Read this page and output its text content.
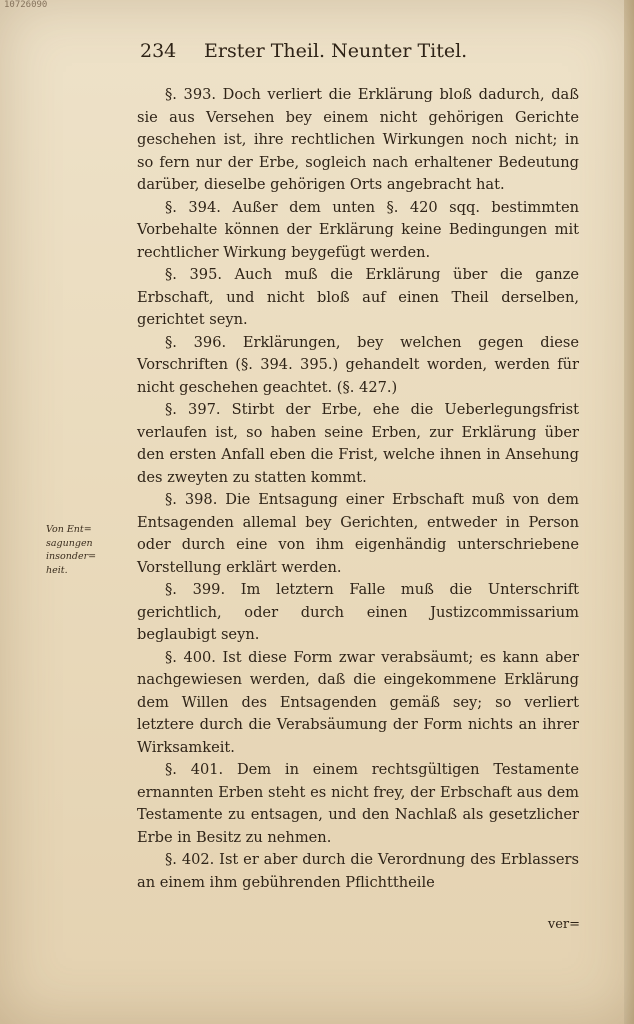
10726090
234 Erster Theil. Neunter Titel.
Von Ent=
sagungen
insonder=
heit.

§. 393. Doch verliert die Erklärung bloß dadurch, daß sie aus Versehen bey einem nicht gehörigen Gerichte geschehen ist, ihre rechtlichen Wirkungen noch nicht; in so fern nur der Erbe, sogleich nach erhaltener Bedeutung darüber, dieselbe gehörigen Orts angebracht hat.

§. 394. Außer dem unten §. 420 sqq. bestimmten Vorbehalte können der Erklärung keine Bedingungen mit rechtlicher Wirkung beygefügt werden.

§. 395. Auch muß die Erklärung über die ganze Erbschaft, und nicht bloß auf einen Theil derselben, gerichtet seyn.

§. 396. Erklärungen, bey welchen gegen diese Vorschriften (§. 394. 395.) gehandelt worden, werden für nicht geschehen geachtet. (§. 427.)

§. 397. Stirbt der Erbe, ehe die Ueberlegungsfrist verlaufen ist, so haben seine Erben, zur Erklärung über den ersten Anfall eben die Frist, welche ihnen in Ansehung des zweyten zu statten kommt.

§. 398. Die Entsagung einer Erbschaft muß von dem Entsagenden allemal bey Gerichten, entweder in Person oder durch eine von ihm eigenhändig unterschriebene Vorstellung erklärt werden.

§. 399. Im letztern Falle muß die Unterschrift gerichtlich, oder durch einen Justizcommissarium beglaubigt seyn.

§. 400. Ist diese Form zwar verabsäumt; es kann aber nachgewiesen werden, daß die eingekommene Erklärung dem Willen des Entsagenden gemäß sey; so verliert letztere durch die Verabsäumung der Form nichts an ihrer Wirksamkeit.

§. 401. Dem in einem rechtsgültigen Testamente ernannten Erben steht es nicht frey, der Erbschaft aus dem Testamente zu entsagen, und den Nachlaß als gesetzlicher Erbe in Besitz zu nehmen.

§. 402. Ist er aber durch die Verordnung des Erblassers an einem ihm gebührenden Pflichttheile

ver=
